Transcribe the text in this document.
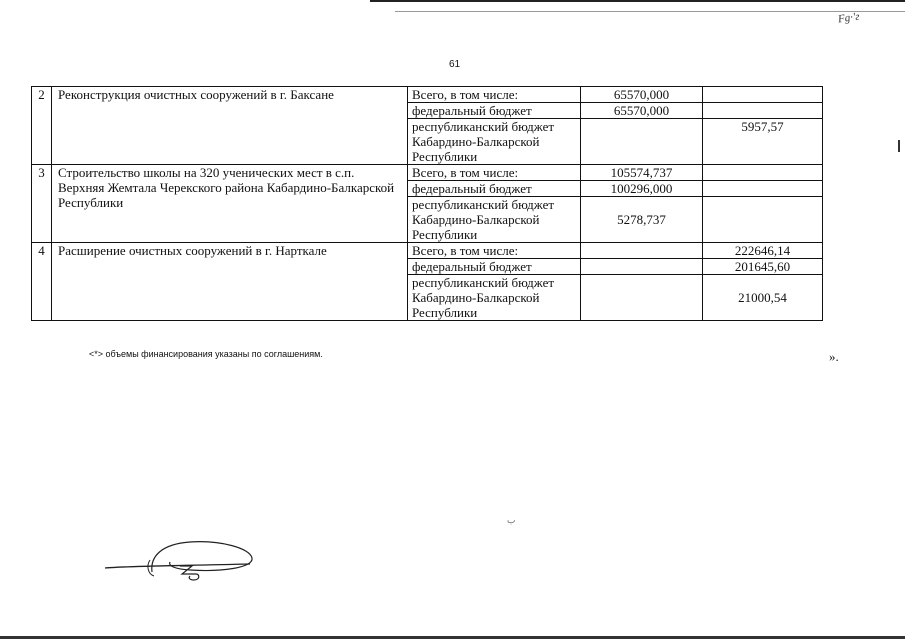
Fg·'г
61
2	Реконструкция очистных сооружений в г. Баксане	Всего, в том числе:	65570,000	
		федеральный бюджет	65570,000	
		республиканский бюджет Кабардино-Балкарской Республики		5957,57
3	Строительство школы на 320 ученических мест в с.п. Верхняя Жемтала Черекского района Кабардино-Балкарской Республики	Всего, в том числе:	105574,737	
		федеральный бюджет	100296,000	
		республиканский бюджет Кабардино-Балкарской Республики	5278,737	
4	Расширение очистных сооружений в г. Нарткале	Всего, в том числе:		222646,14
		федеральный бюджет		201645,60
		республиканский бюджет Кабардино-Балкарской Республики		21000,54
<*> объемы финансирования указаны по соглашениям.	».
ب
